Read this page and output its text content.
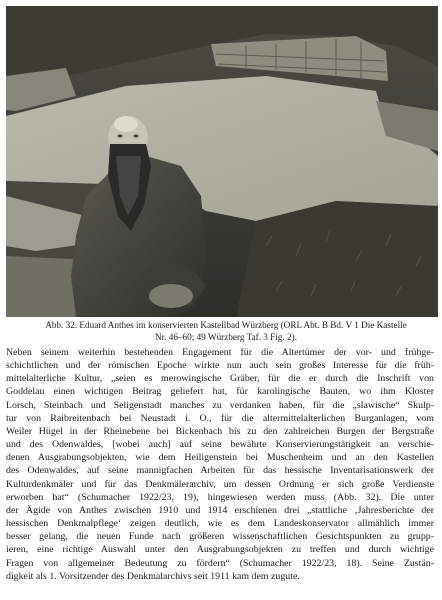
Abb. 32. Eduard Anthes im konservierten Kastellbad Würzberg (ORL Abt. B Bd. V 1 Die Kastelle
Nr. 46–60; 49 Würzberg Taf. 3 Fig. 2).
Neben seinem weiterhin bestehenden Engagement für die Altertümer der vor- und frühge-
schichtlichen und der römischen Epoche wirkte nun auch sein großes Interesse für die früh-
mittelalterliche Kultur, „seien es merowingische Gräber, für die er durch die Inschrift von
Goddelau einen wichtigen Beitrag geliefert hat, für karolingische Bauten, wo ihm Kloster
Lorsch, Steinbach und Seligenstadt manches zu verdanken haben, für die „slawische“ Skulp-
tur von Raibreitenbach bei Neustadt i. O., für die altermittelalterlichen Burganlagen, vom
Weiler Hügel in der Rheinebene bei Bickenbach bis zu den zahlreichen Burgen der Bergstraße
und des Odenwaldes, [wobei auch] auf seine bewährte Konservierungstätigkeit an verschie-
denen Ausgrabungsobjekten, wie dem Heiligenstein bei Muschenheim und an den Kastellen
des Odenwaldes, auf seine mannigfachen Arbeiten für das hessische Inventarisationswerk der
Kulturdenkmäler und für das Denkmälerarchiv, um dessen Ordnung er sich große Verdienste
erworben hat“ (Schumacher 1922/23, 19), hingewiesen werden muss (Abb. 32). Die unter
der Ägide von Anthes zwischen 1910 und 1914 erschienen drei „stattliche ‚Jahresberichte der
hessischen Denkmalpflege‘ zeigen deutlich, wie es dem Landeskonservator allmählich immer
besser gelang, die neuen Funde nach größeren wissenschaftlichen Gesichtspunkten zu grupp-
ieren, eine richtige Auswahl unter den Ausgrabungsobjekten zu treffen und durch wichtige
Fragen von allgemeiner Bedeutung zu fördern“ (Schumacher 1922/23, 18). Seine Zustän-
digkeit als 1. Vorsitzender des Denkmalarchivs seit 1911 kam dem zugute.
